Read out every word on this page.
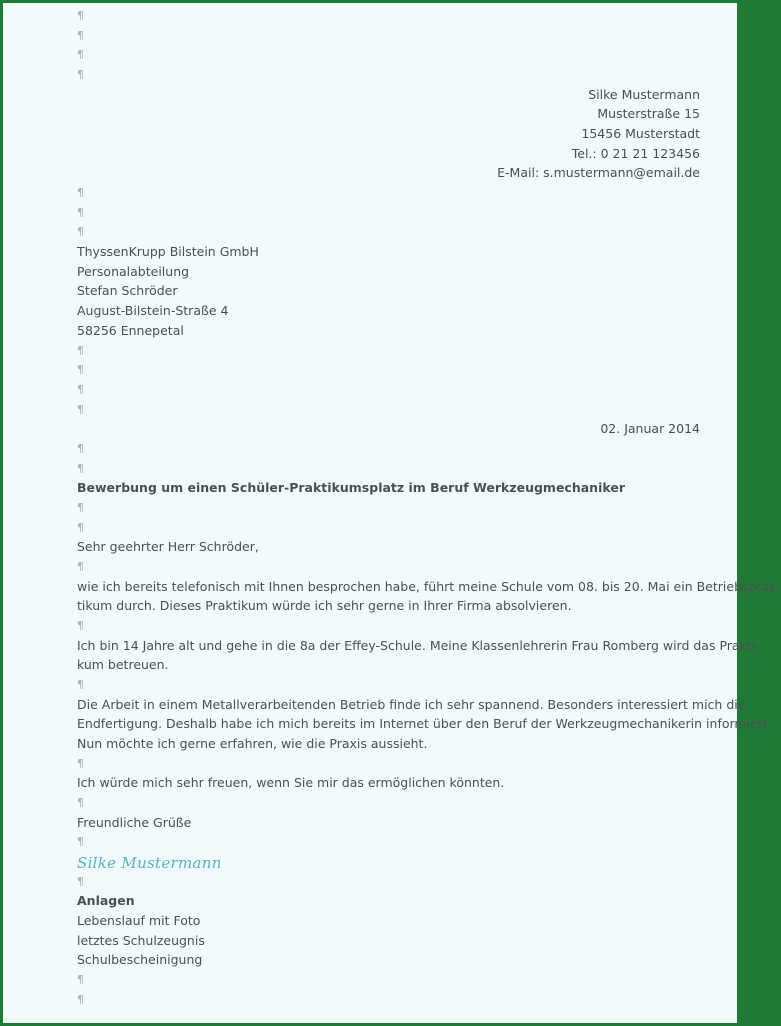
¶
¶
¶
¶
Silke Mustermann
Musterstraße 15
15456 Musterstadt
Tel.: 0 21 21 123456
E-Mail: s.mustermann@email.de
¶
¶
¶
ThyssenKrupp Bilstein GmbH
Personalabteilung
Stefan Schröder
August-Bilstein-Straße 4
58256 Ennepetal
¶
¶
¶
¶
02. Januar 2014
¶
¶
Bewerbung um einen Schüler-Praktikumsplatz im Beruf Werkzeugmechaniker
¶
¶
Sehr geehrter Herr Schröder,
¶
wie ich bereits telefonisch mit Ihnen besprochen habe, führt meine Schule vom 08. bis 20. Mai ein Betriebsprak-
tikum durch. Dieses Praktikum würde ich sehr gerne in Ihrer Firma absolvieren.
¶
Ich bin 14 Jahre alt und gehe in die 8a der Effey-Schule. Meine Klassenlehrerin Frau Romberg wird das Prakti-
kum betreuen.
¶
Die Arbeit in einem Metallverarbeitenden Betrieb finde ich sehr spannend. Besonders interessiert mich die
Endfertigung. Deshalb habe ich mich bereits im Internet über den Beruf der Werkzeugmechanikerin informiert.
Nun möchte ich gerne erfahren, wie die Praxis aussieht.
¶
Ich würde mich sehr freuen, wenn Sie mir das ermöglichen könnten.
¶
Freundliche Grüße
¶
Silke Mustermann
¶
Anlagen
Lebenslauf mit Foto
letztes Schulzeugnis
Schulbescheinigung
¶
¶
